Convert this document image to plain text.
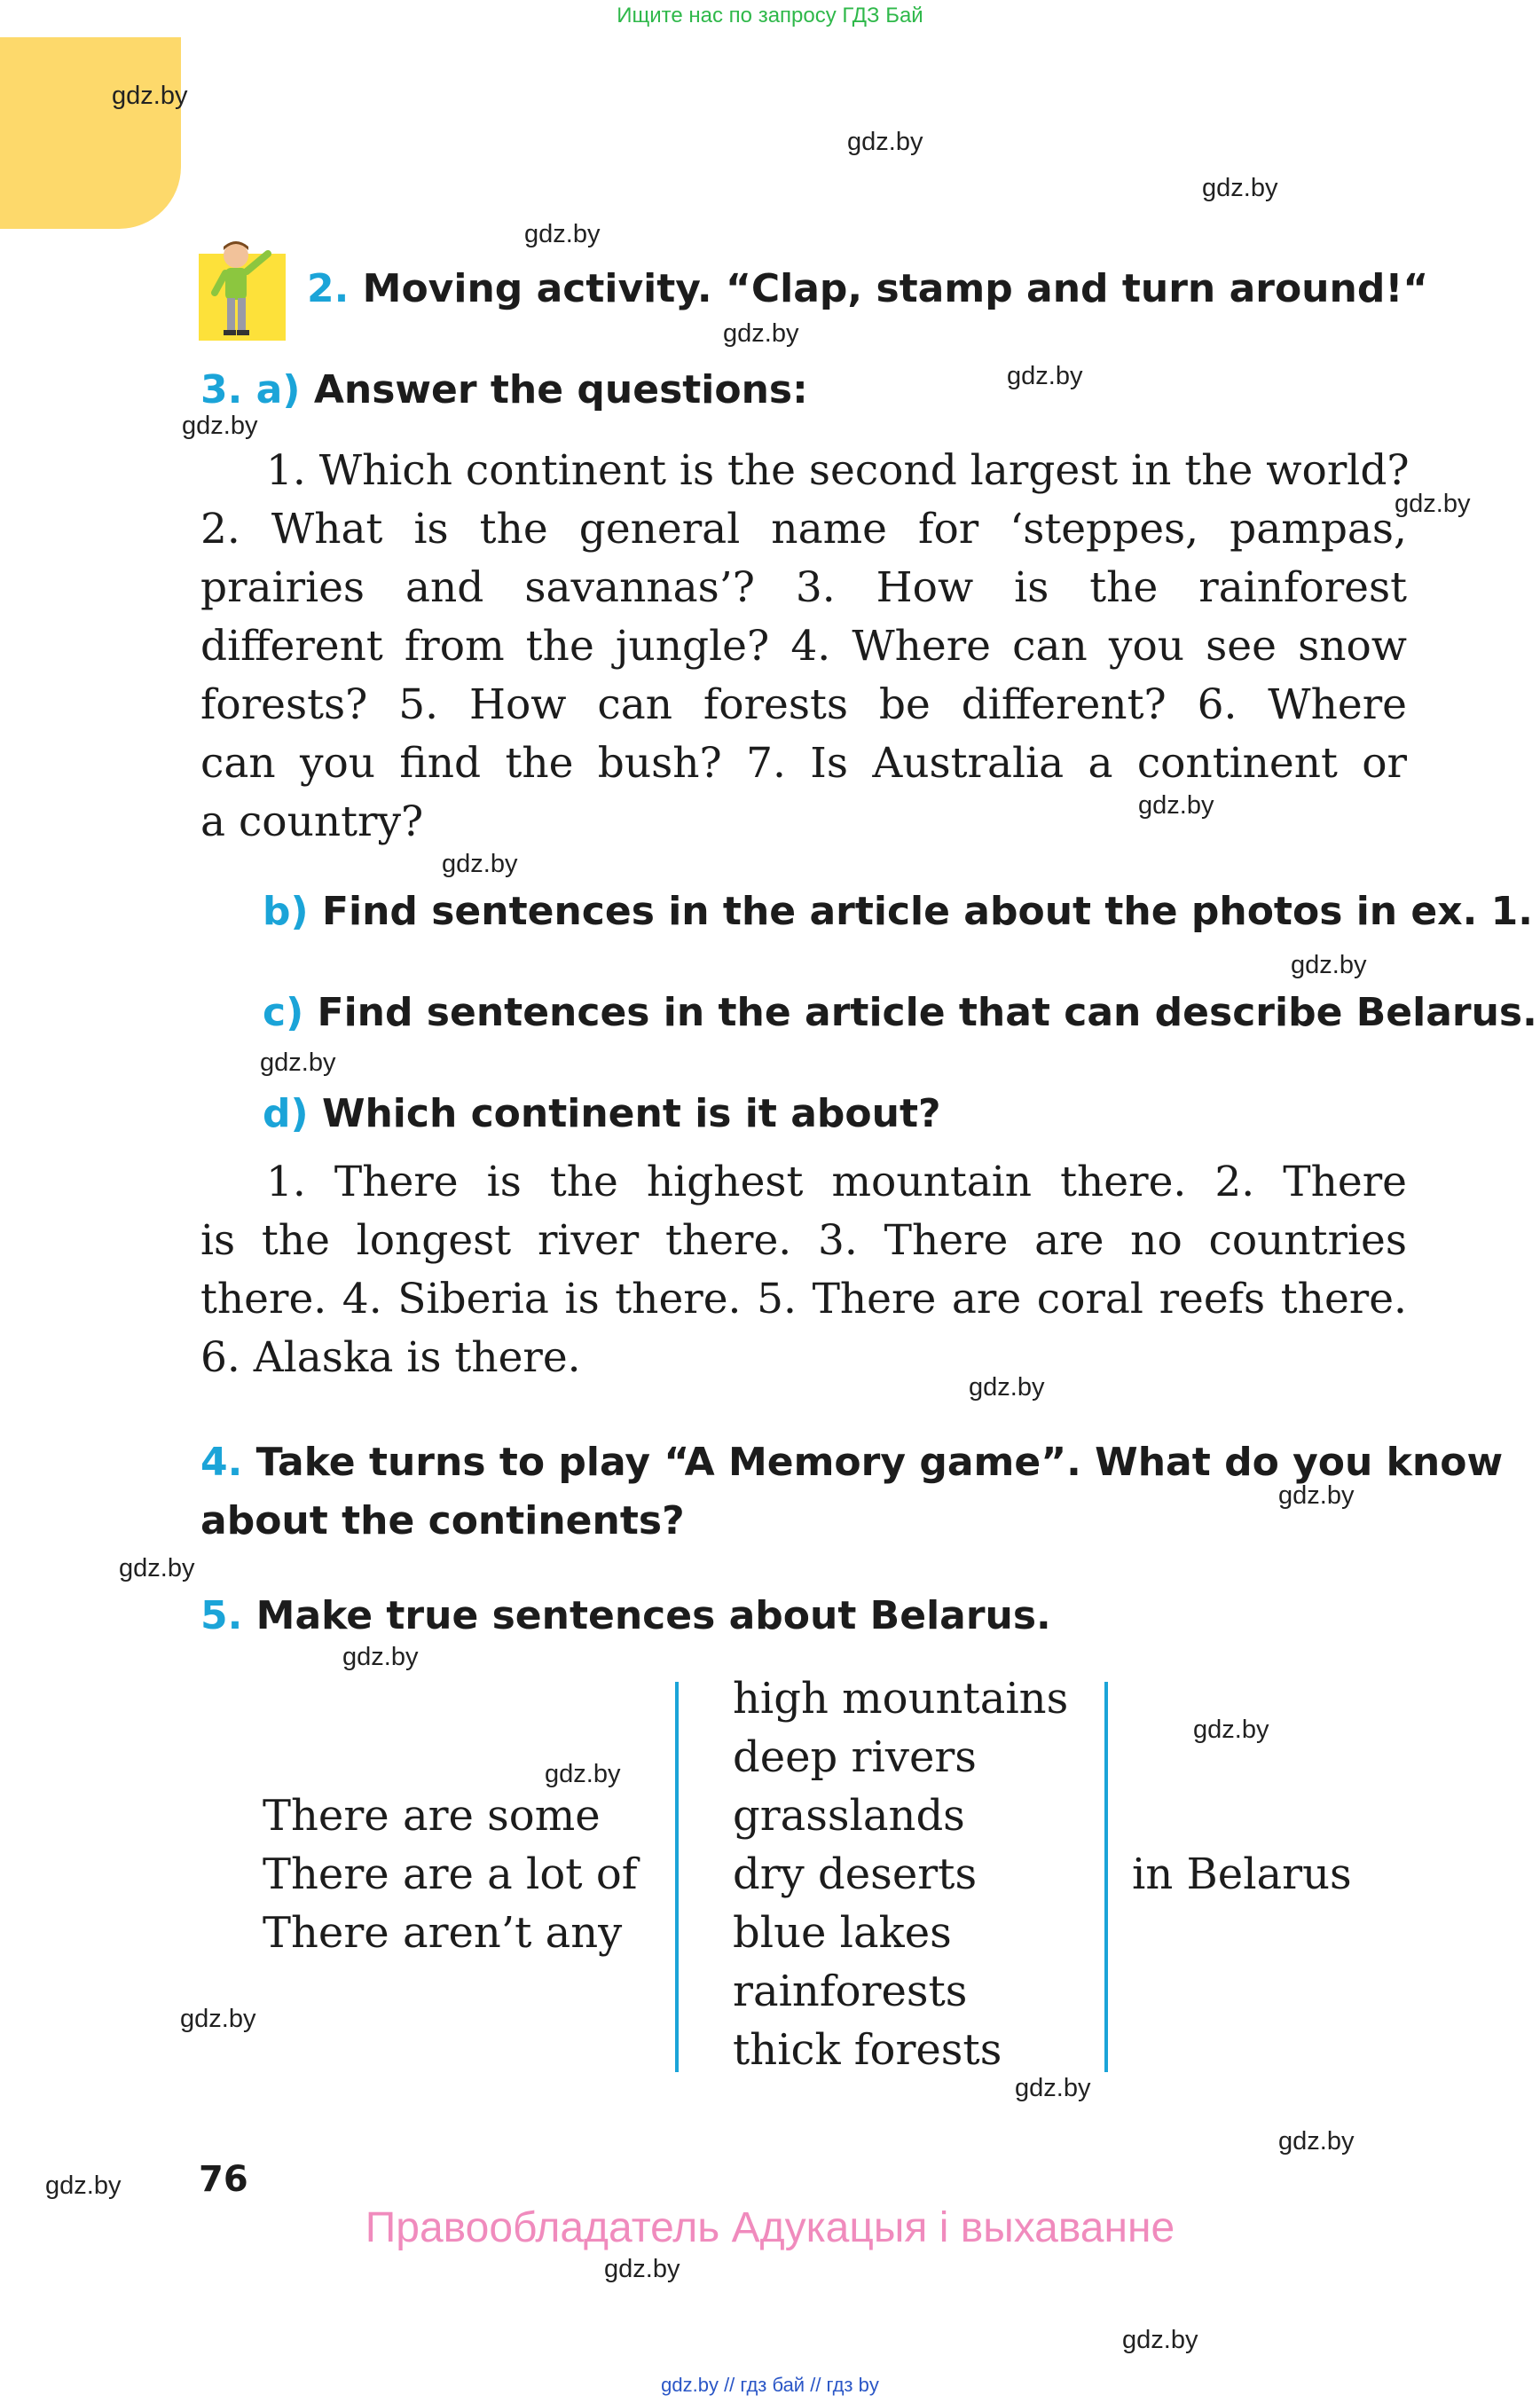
Ищите нас по запросу ГДЗ Бай
gdz.by
gdz.by
gdz.by
gdz.by
gdz.by
gdz.by
gdz.by
gdz.by
gdz.by
gdz.by
gdz.by
gdz.by
gdz.by
gdz.by
gdz.by
gdz.by
gdz.by
gdz.by
gdz.by
gdz.by
gdz.by
gdz.by
gdz.by
gdz.by
2. Moving activity. “Clap, stamp and turn around!“
3. a) Answer the questions:
1. Which continent is the second largest in the world?
2. What is the general name for ‘steppes, pampas,
prairies and savannas’? 3. How is the rainforest
different from the jungle? 4. Where can you see snow
forests? 5. How can forests be different? 6. Where
can you find the bush? 7. Is Australia a continent or
a country?
b) Find sentences in the article about the photos in ex. 1.
c) Find sentences in the article that can describe Belarus.
d) Which continent is it about?
1. There is the highest mountain there. 2. There
is the longest river there. 3. There are no countries
there. 4. Siberia is there. 5. There are coral reefs there.
6. Alaska is there.
4. Take turns to play “A Memory game”. What do you know
about the continents?
5. Make true sentences about Belarus.
There are some
There are a lot of
There aren’t any
high mountains
deep rivers
grasslands
dry deserts
blue lakes
rainforests
thick forests
in Belarus
76
Правообладатель Адукацыя і выхаванне
gdz.by // гдз бай // гдз by
